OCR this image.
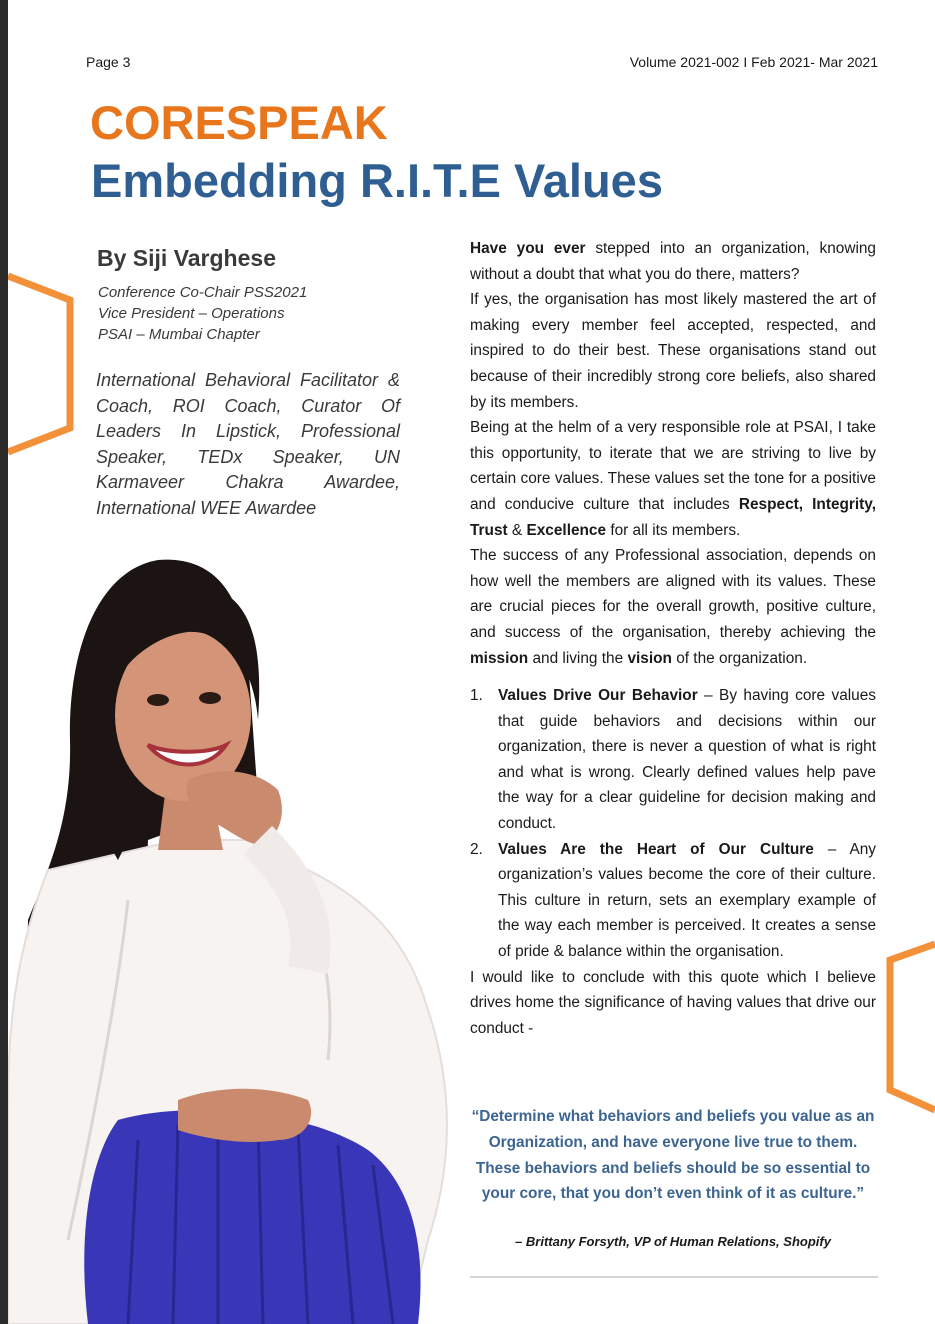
Page 3	Volume 2021-002 I Feb 2021- Mar 2021
CORESPEAK
Embedding R.I.T.E Values
By Siji Varghese
Conference Co-Chair PSS2021
Vice President – Operations
PSAI – Mumbai Chapter
International Behavioral Facilitator & Coach, ROI Coach, Curator Of Leaders In Lipstick, Professional Speaker, TEDx Speaker, UN Karmaveer Chakra Awardee, International WEE Awardee

Have you ever stepped into an organization, knowing without a doubt that what you do there, matters?

If yes, the organisation has most likely mastered the art of making every member feel accepted, respected, and inspired to do their best. These organisations stand out because of their incredibly strong core beliefs, also shared by its members.

Being at the helm of a very responsible role at PSAI, I take this opportunity, to iterate that we are striving to live by certain core values. These values set the tone for a positive and conducive culture that includes Respect, Integrity, Trust & Excellence for all its members.

The success of any Professional association, depends on how well the members are aligned with its values. These are crucial pieces for the overall growth, positive culture, and success of the organisation, thereby achieving the mission and living the vision of the organization.

1. Values Drive Our Behavior – By having core values that guide behaviors and decisions within our organization, there is never a question of what is right and what is wrong. Clearly defined values help pave the way for a clear guideline for decision making and conduct.
2. Values Are the Heart of Our Culture – Any organization’s values become the core of their culture. This culture in return, sets an exemplary example of the way each member is perceived. It creates a sense of pride & balance within the organisation.

I would like to conclude with this quote which I believe drives home the significance of having values that drive our conduct -

“Determine what behaviors and beliefs you value as an Organization, and have everyone live true to them. These behaviors and beliefs should be so essential to your core, that you don’t even think of it as culture.”
– Brittany Forsyth, VP of Human Relations, Shopify
